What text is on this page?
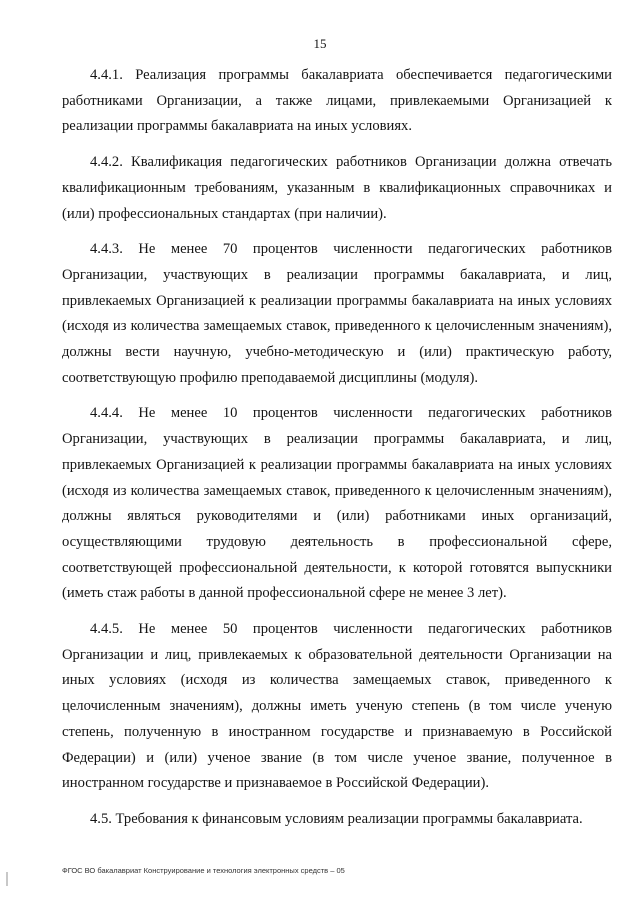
15

4.4.1. Реализация программы бакалавриата обеспечивается педагогическими работниками Организации, а также лицами, привлекаемыми Организацией к реализации программы бакалавриата на иных условиях.

4.4.2. Квалификация педагогических работников Организации должна отвечать квалификационным требованиям, указанным в квалификационных справочниках и (или) профессиональных стандартах (при наличии).

4.4.3. Не менее 70 процентов численности педагогических работников Организации, участвующих в реализации программы бакалавриата, и лиц, привлекаемых Организацией к реализации программы бакалавриата на иных условиях (исходя из количества замещаемых ставок, приведенного к целочисленным значениям), должны вести научную, учебно-методическую и (или) практическую работу, соответствующую профилю преподаваемой дисциплины (модуля).

4.4.4. Не менее 10 процентов численности педагогических работников Организации, участвующих в реализации программы бакалавриата, и лиц, привлекаемых Организацией к реализации программы бакалавриата на иных условиях (исходя из количества замещаемых ставок, приведенного к целочисленным значениям), должны являться руководителями и (или) работниками иных организаций, осуществляющими трудовую деятельность в профессиональной сфере, соответствующей профессиональной деятельности, к которой готовятся выпускники (иметь стаж работы в данной профессиональной сфере не менее 3 лет).

4.4.5. Не менее 50 процентов численности педагогических работников Организации и лиц, привлекаемых к образовательной деятельности Организации на иных условиях (исходя из количества замещаемых ставок, приведенного к целочисленным значениям), должны иметь ученую степень (в том числе ученую степень, полученную в иностранном государстве и признаваемую в Российской Федерации) и (или) ученое звание (в том числе ученое звание, полученное в иностранном государстве и признаваемое в Российской Федерации).

4.5. Требования к финансовым условиям реализации программы бакалавриата.

ФГОС ВО бакалавриат Конструирование и технология электронных средств – 05
